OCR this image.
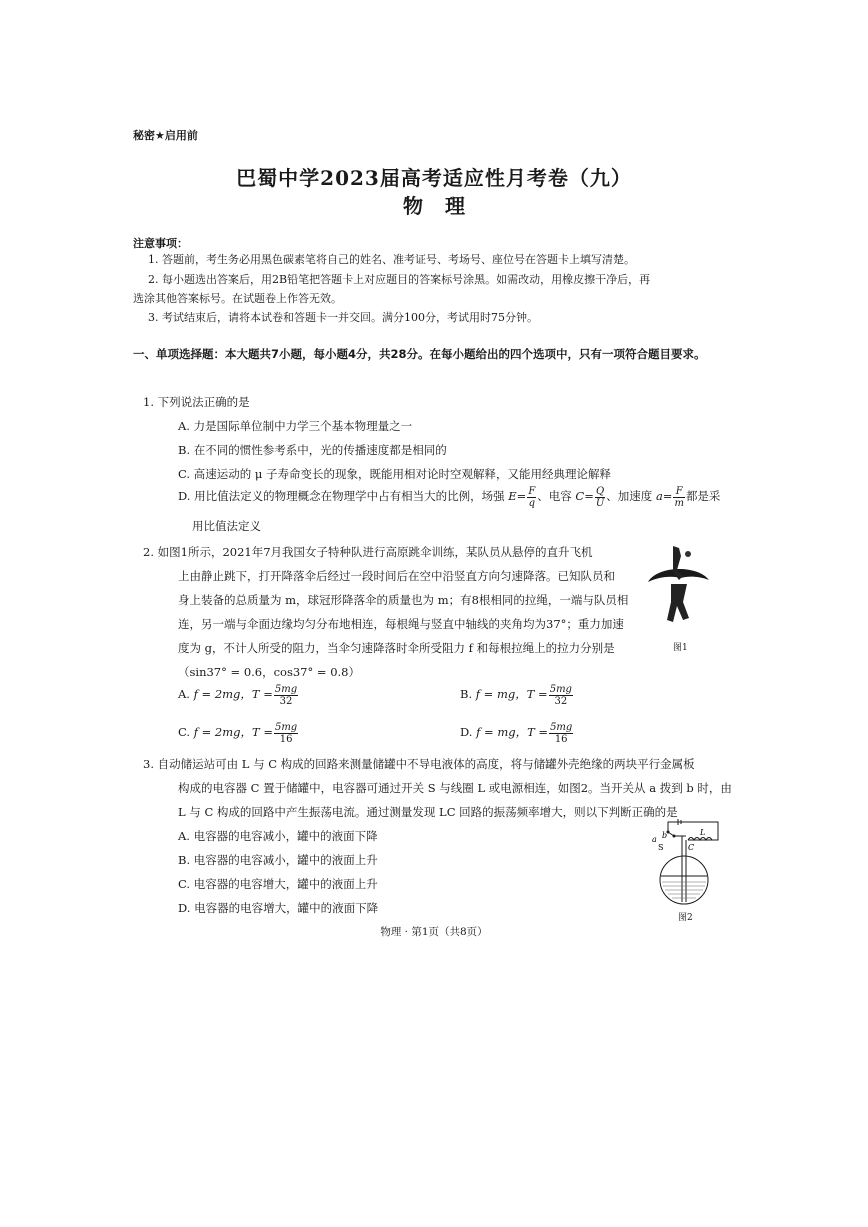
秘密★启用前
巴蜀中学2023届高考适应性月考卷（九）
物理
注意事项：
1. 答题前，考生务必用黑色碳素笔将自己的姓名、准考证号、考场号、座位号在答题卡上填写清楚。
2. 每小题选出答案后，用2B铅笔把答题卡上对应题目的答案标号涂黑。如需改动，用橡皮擦干净后，再
选涂其他答案标号。在试题卷上作答无效。
3. 考试结束后，请将本试卷和答题卡一并交回。满分100分，考试用时75分钟。
一、单项选择题：本大题共7小题，每小题4分，共28分。在每小题给出的四个选项中，只有一项符合题目要求。
1. 下列说法正确的是
A. 力是国际单位制中力学三个基本物理量之一
B. 在不同的惯性参考系中，光的传播速度都是相同的
C. 高速运动的 μ 子寿命变长的现象，既能用相对论时空观解释，又能用经典理论解释
D. 用比值法定义的物理概念在物理学中占有相当大的比例，场强 $E= \frac{F}{q}$ 、电容 $C= \frac{Q}{U}$ 、加速度 $a= \frac{F}{m}$ 都是采
用比值法定义
2. 如图1所示，2021年7月我国女子特种队进行高原跳伞训练，某队员从悬停的直升飞机
上由静止跳下，打开降落伞后经过一段时间后在空中沿竖直方向匀速降落。已知队员和
身上装备的总质量为 m，球冠形降落伞的质量也为 m；有8根相同的拉绳，一端与队员相
连，另一端与伞面边缘均匀分布地相连，每根绳与竖直中轴线的夹角均为37°；重力加速
度为 g，不计人所受的阻力，当伞匀速降落时伞所受阻力 f 和每根拉绳上的拉力分别是
（sin37° = 0.6，cos37° = 0.8）
图1
A. f = 2mg，$T = \frac{5mg}{32}$	B. f = mg，$T = \frac{5mg}{32}$
C. f = 2mg，$T = \frac{5mg}{16}$	D. f = mg，$T = \frac{5mg}{16}$
3. 自动储运站可由 L 与 C 构成的回路来测量储罐中不导电液体的高度，将与储罐外壳绝缘的两块平行金属板
构成的电容器 C 置于储罐中，电容器可通过开关 S 与线圈 L 或电源相连，如图2。当开关从 a 拨到 b 时，由
L 与 C 构成的回路中产生振荡电流。通过测量发现 LC 回路的振荡频率增大，则以下判断正确的是
A. 电容器的电容减小，罐中的液面下降
B. 电容器的电容减小，罐中的液面上升
C. 电容器的电容增大，罐中的液面上升
D. 电容器的电容增大，罐中的液面下降
a b
S
L
C
图2
物理 · 第1页（共8页）
